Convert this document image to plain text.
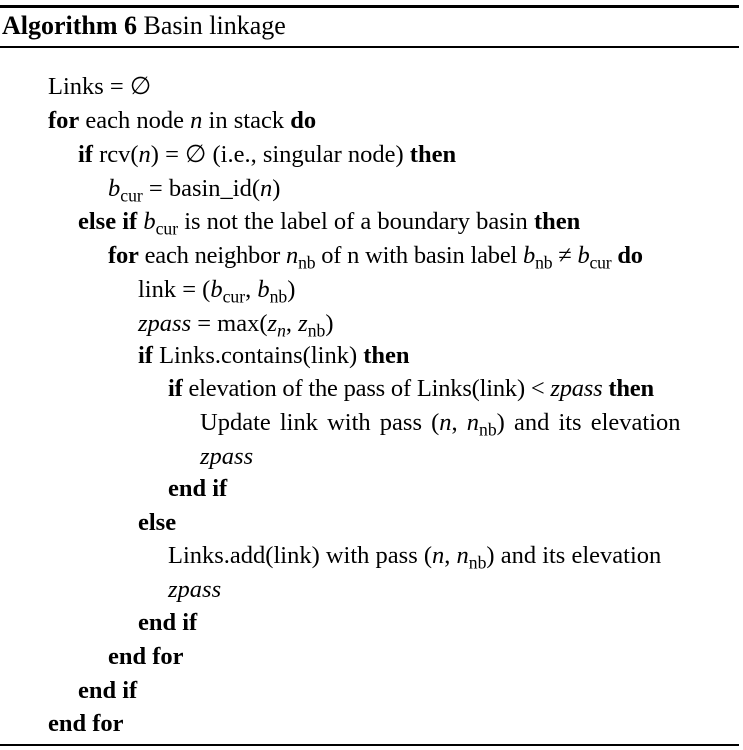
Algorithm 6 Basin linkage
Links = ∅
for each node n in stack do
if rcv(n) = ∅ (i.e., singular node) then
$b_{cur}$ = basin_id(n)
else if $b_{cur}$ is not the label of a boundary basin then
for each neighbor $n_{nb}$ of n with basin label $b_{nb} \ne b_{cur}$ do
link = ($b_{cur}$, $b_{nb}$)
zpass = $\max(z_n$, $z_{nb}$)
if Links.contains(link) then
if elevation of the pass of Links(link) < zpass then
Update link with pass (n, $n_{nb}$) and its elevation
zpass
end if
else
Links.add(link) with pass (n, $n_{nb}$) and its elevation
zpass
end if
end for
end if
end for
